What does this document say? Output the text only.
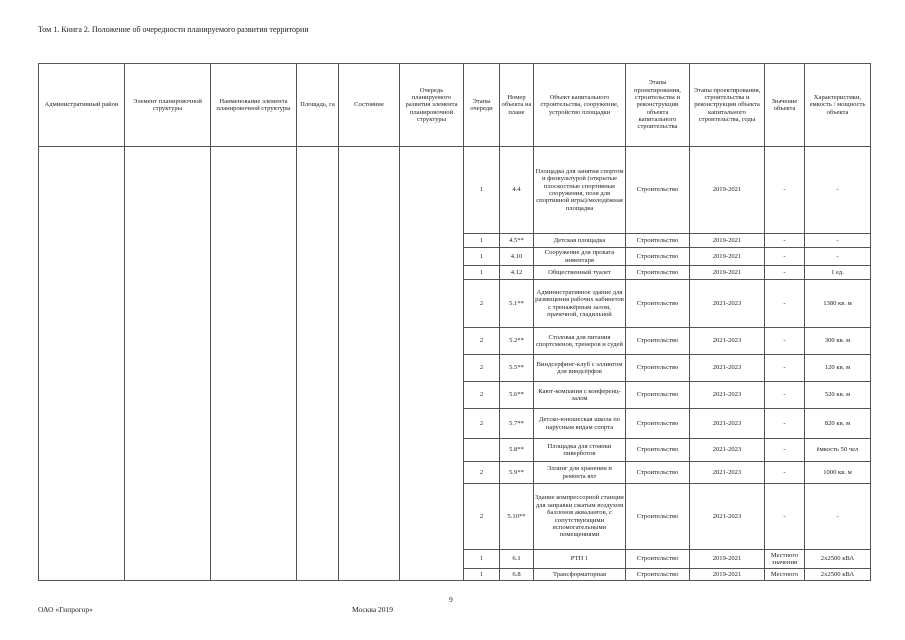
Том 1. Книга 2. Положение об очередности планируемого развития территории
Административный район	Элемент планировочной структуры	Наименование элемента планировочной структуры	Площадь, га	Состояние	Очередь планируемого развития элемента планировочной структуры	Этапы очереди	Номер объекта на плане	Объект капитального строительства, сооружение, устройство площадки	Этапы проектирования, строительства и реконструкции объекта капитального строительства	Этапы проектирования, строительства и реконструкции объекта капитального строительства, годы	Значение объекта	Характеристики, емкость / мощность объекта
						1	4.4	Площадка для занятия спортом и физкультурой (открытые плоскостные спортивные сооружения, поля для спортивной игры)/молодёжная площадка	Строительство	2019-2021	-	-
						1	4.5**	Детская площадка	Строительство	2019-2021	-	-
						1	4.10	Сооружение для проката инвентаря	Строительство	2019-2021	-	-
						1	4.12	Общественный туалет	Строительство	2019-2021	-	1 ед.
						2	5.1**	Административное здание для размещения рабочих кабинетов с тренажёрным залом, прачечной, гладильной	Строительство	2021-2023	-	1380 кв. м
						2	5.2**	Столовая для питания спортсменов, тренеров и судей	Строительство	2021-2023	-	300 кв. м
						2	5.5**	Виндсерфинг-клуб с эллингом для виндсёрфов	Строительство	2021-2023	-	120 кв. м
						2	5.6**	Кают-компания с конференц-залом	Строительство	2021-2023	-	520 кв. м
						2	5.7**	Детско-юношеская школа по парусным видам спорта	Строительство	2021-2023	-	820 кв. м
							5.8**	Площадка для стоянки пиверботов	Строительство	2021-2023	-	ёмкость 50 чел
						2	5.9**	Эллинг для хранения и ремонта яхт	Строительство	2021-2023	-	1000 кв. м
						2	5.10**	Здание компрессорной станции для заправки сжатым воздухом баллонов аквалангов, с сопутствующими вспомогательными помещениями	Строительство	2021-2023	-	-
						1	6.1	РТП 1	Строительство	2019-2021	Местного значения	2х2500 кВА
						1	6.8	Трансформаторная	Строительство	2019-2021	Местного	2х2500 кВА
9
ОАО «Гипрогор»	Москва 2019
